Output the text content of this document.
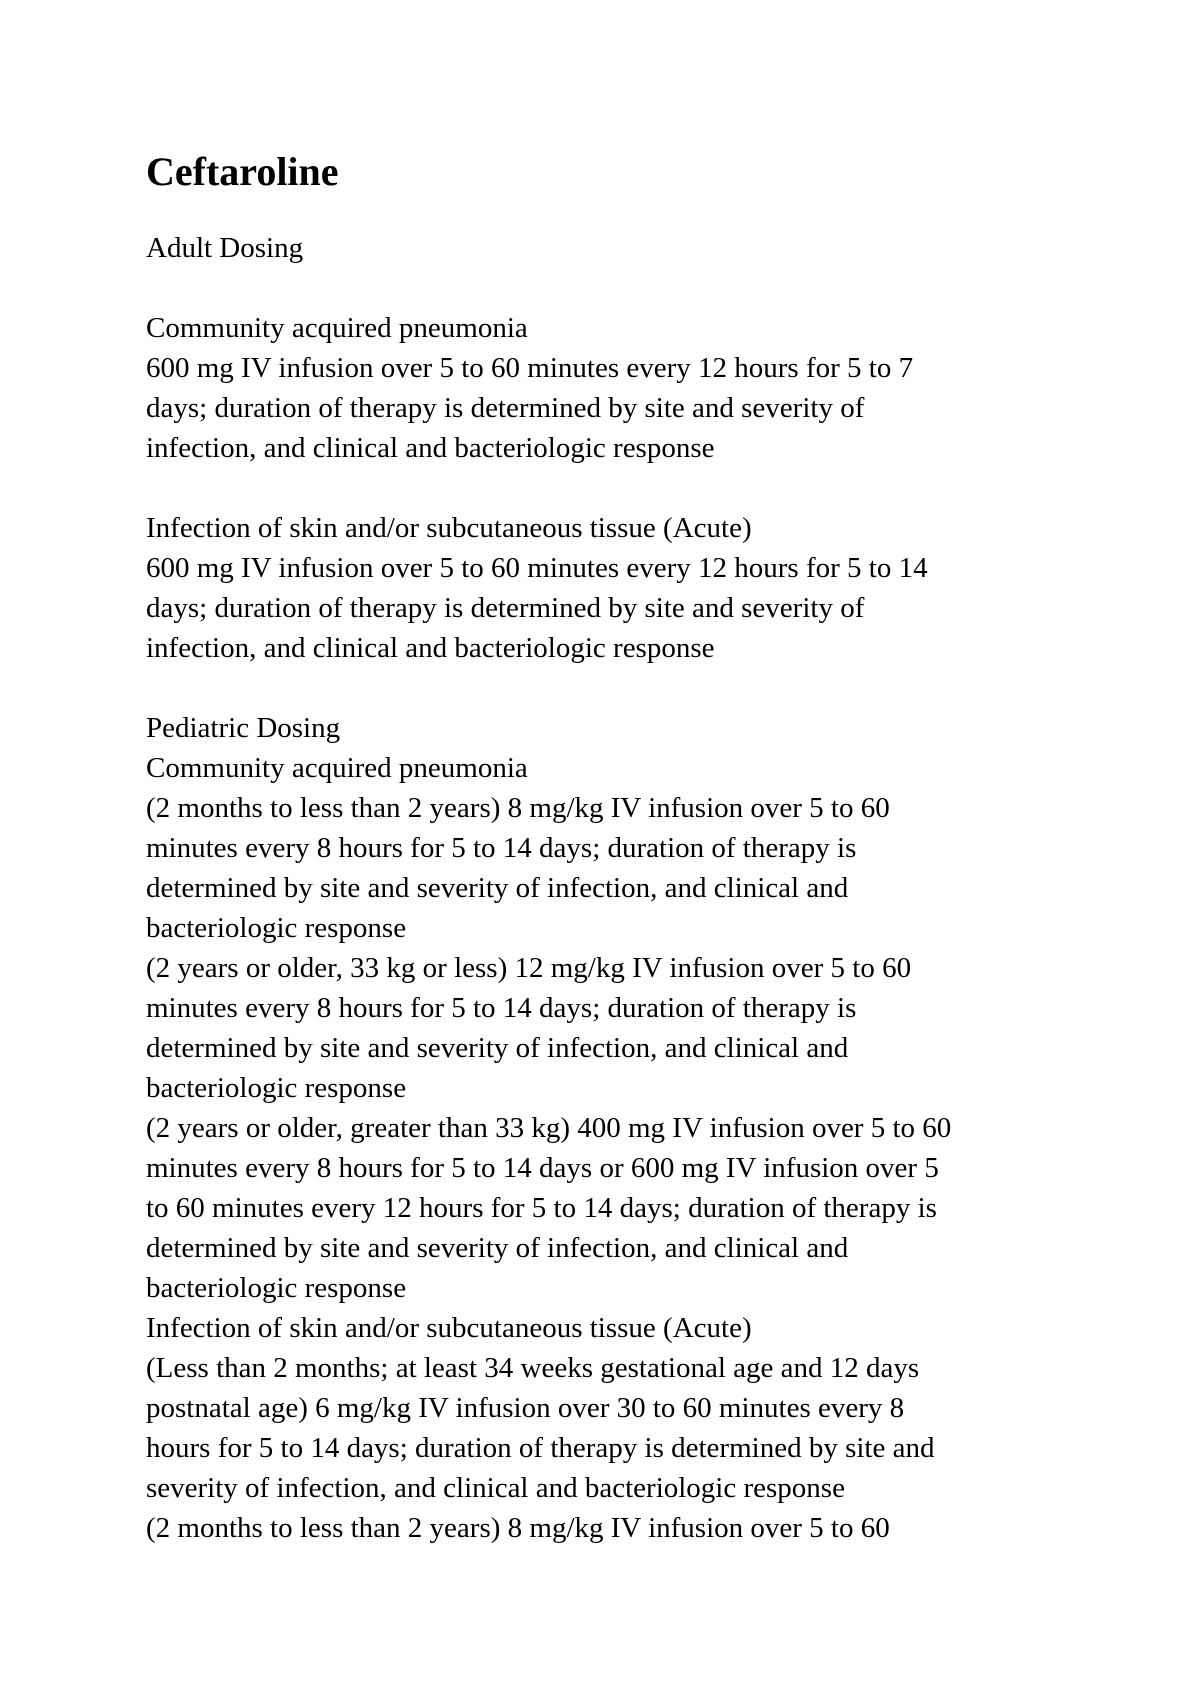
Ceftaroline
Adult Dosing
Community acquired pneumonia
600 mg IV infusion over 5 to 60 minutes every 12 hours for 5 to 7
days; duration of therapy is determined by site and severity of
infection, and clinical and bacteriologic response
Infection of skin and/or subcutaneous tissue (Acute)
600 mg IV infusion over 5 to 60 minutes every 12 hours for 5 to 14
days; duration of therapy is determined by site and severity of
infection, and clinical and bacteriologic response
Pediatric Dosing
Community acquired pneumonia
(2 months to less than 2 years) 8 mg/kg IV infusion over 5 to 60
minutes every 8 hours for 5 to 14 days; duration of therapy is
determined by site and severity of infection, and clinical and
bacteriologic response
(2 years or older, 33 kg or less) 12 mg/kg IV infusion over 5 to 60
minutes every 8 hours for 5 to 14 days; duration of therapy is
determined by site and severity of infection, and clinical and
bacteriologic response
(2 years or older, greater than 33 kg) 400 mg IV infusion over 5 to 60
minutes every 8 hours for 5 to 14 days or 600 mg IV infusion over 5
to 60 minutes every 12 hours for 5 to 14 days; duration of therapy is
determined by site and severity of infection, and clinical and
bacteriologic response
Infection of skin and/or subcutaneous tissue (Acute)
(Less than 2 months; at least 34 weeks gestational age and 12 days
postnatal age) 6 mg/kg IV infusion over 30 to 60 minutes every 8
hours for 5 to 14 days; duration of therapy is determined by site and
severity of infection, and clinical and bacteriologic response
(2 months to less than 2 years) 8 mg/kg IV infusion over 5 to 60
